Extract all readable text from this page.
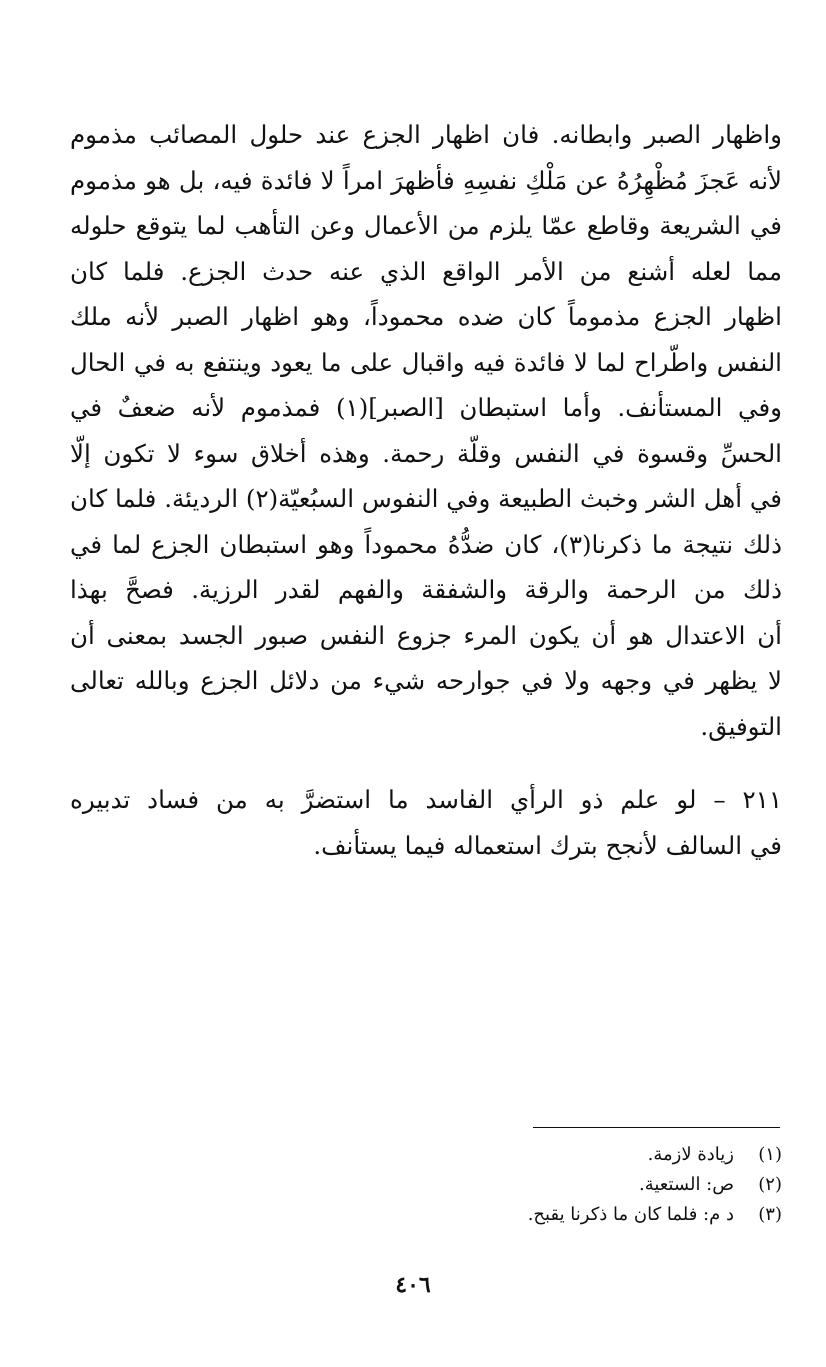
واظهار الصبر وابطانه. فان اظهار الجزع عند حلول المصائب مذموم
لأنه عَجزَ مُظْهِرُهُ عن مَلْكِ نفسِهِ فأظهرَ امراً لا فائدة فيه، بل هو مذموم
في الشريعة وقاطع عمّا يلزم من الأعمال وعن التأهب لما يتوقع حلوله
مما لعله أشنع من الأمر الواقع الذي عنه حدث الجزع. فلما كان
اظهار الجزع مذموماً كان ضده محموداً، وهو اظهار الصبر لأنه ملك
النفس واطّراح لما لا فائدة فيه واقبال على ما يعود وينتفع به في الحال
وفي المستأنف. وأما استبطان [الصبر](١) فمذموم لأنه ضعفٌ في
الحسِّ وقسوة في النفس وقلّة رحمة. وهذه أخلاق سوء لا تكون إلّا
في أهل الشر وخبث الطبيعة وفي النفوس السبُعيّة(٢) الرديئة. فلما كان
ذلك نتيجة ما ذكرنا(٣)، كان ضدُّهُ محموداً وهو استبطان الجزع لما في
ذلك من الرحمة والرقة والشفقة والفهم لقدر الرزية. فصحَّ بهذا
أن الاعتدال هو أن يكون المرء جزوع النفس صبور الجسد بمعنى أن
لا يظهر في وجهه ولا في جوارحه شيء من دلائل الجزع وبالله تعالى
التوفيق.
٢١١ – لو علم ذو الرأي الفاسد ما استضرَّ به من فساد تدبيره
في السالف لأنجح بترك استعماله فيما يستأنف.
(١)
زيادة لازمة.
(٢)
ص: الستعية.
(٣)
د م: فلما كان ما ذكرنا يقبح.
٤٠٦
